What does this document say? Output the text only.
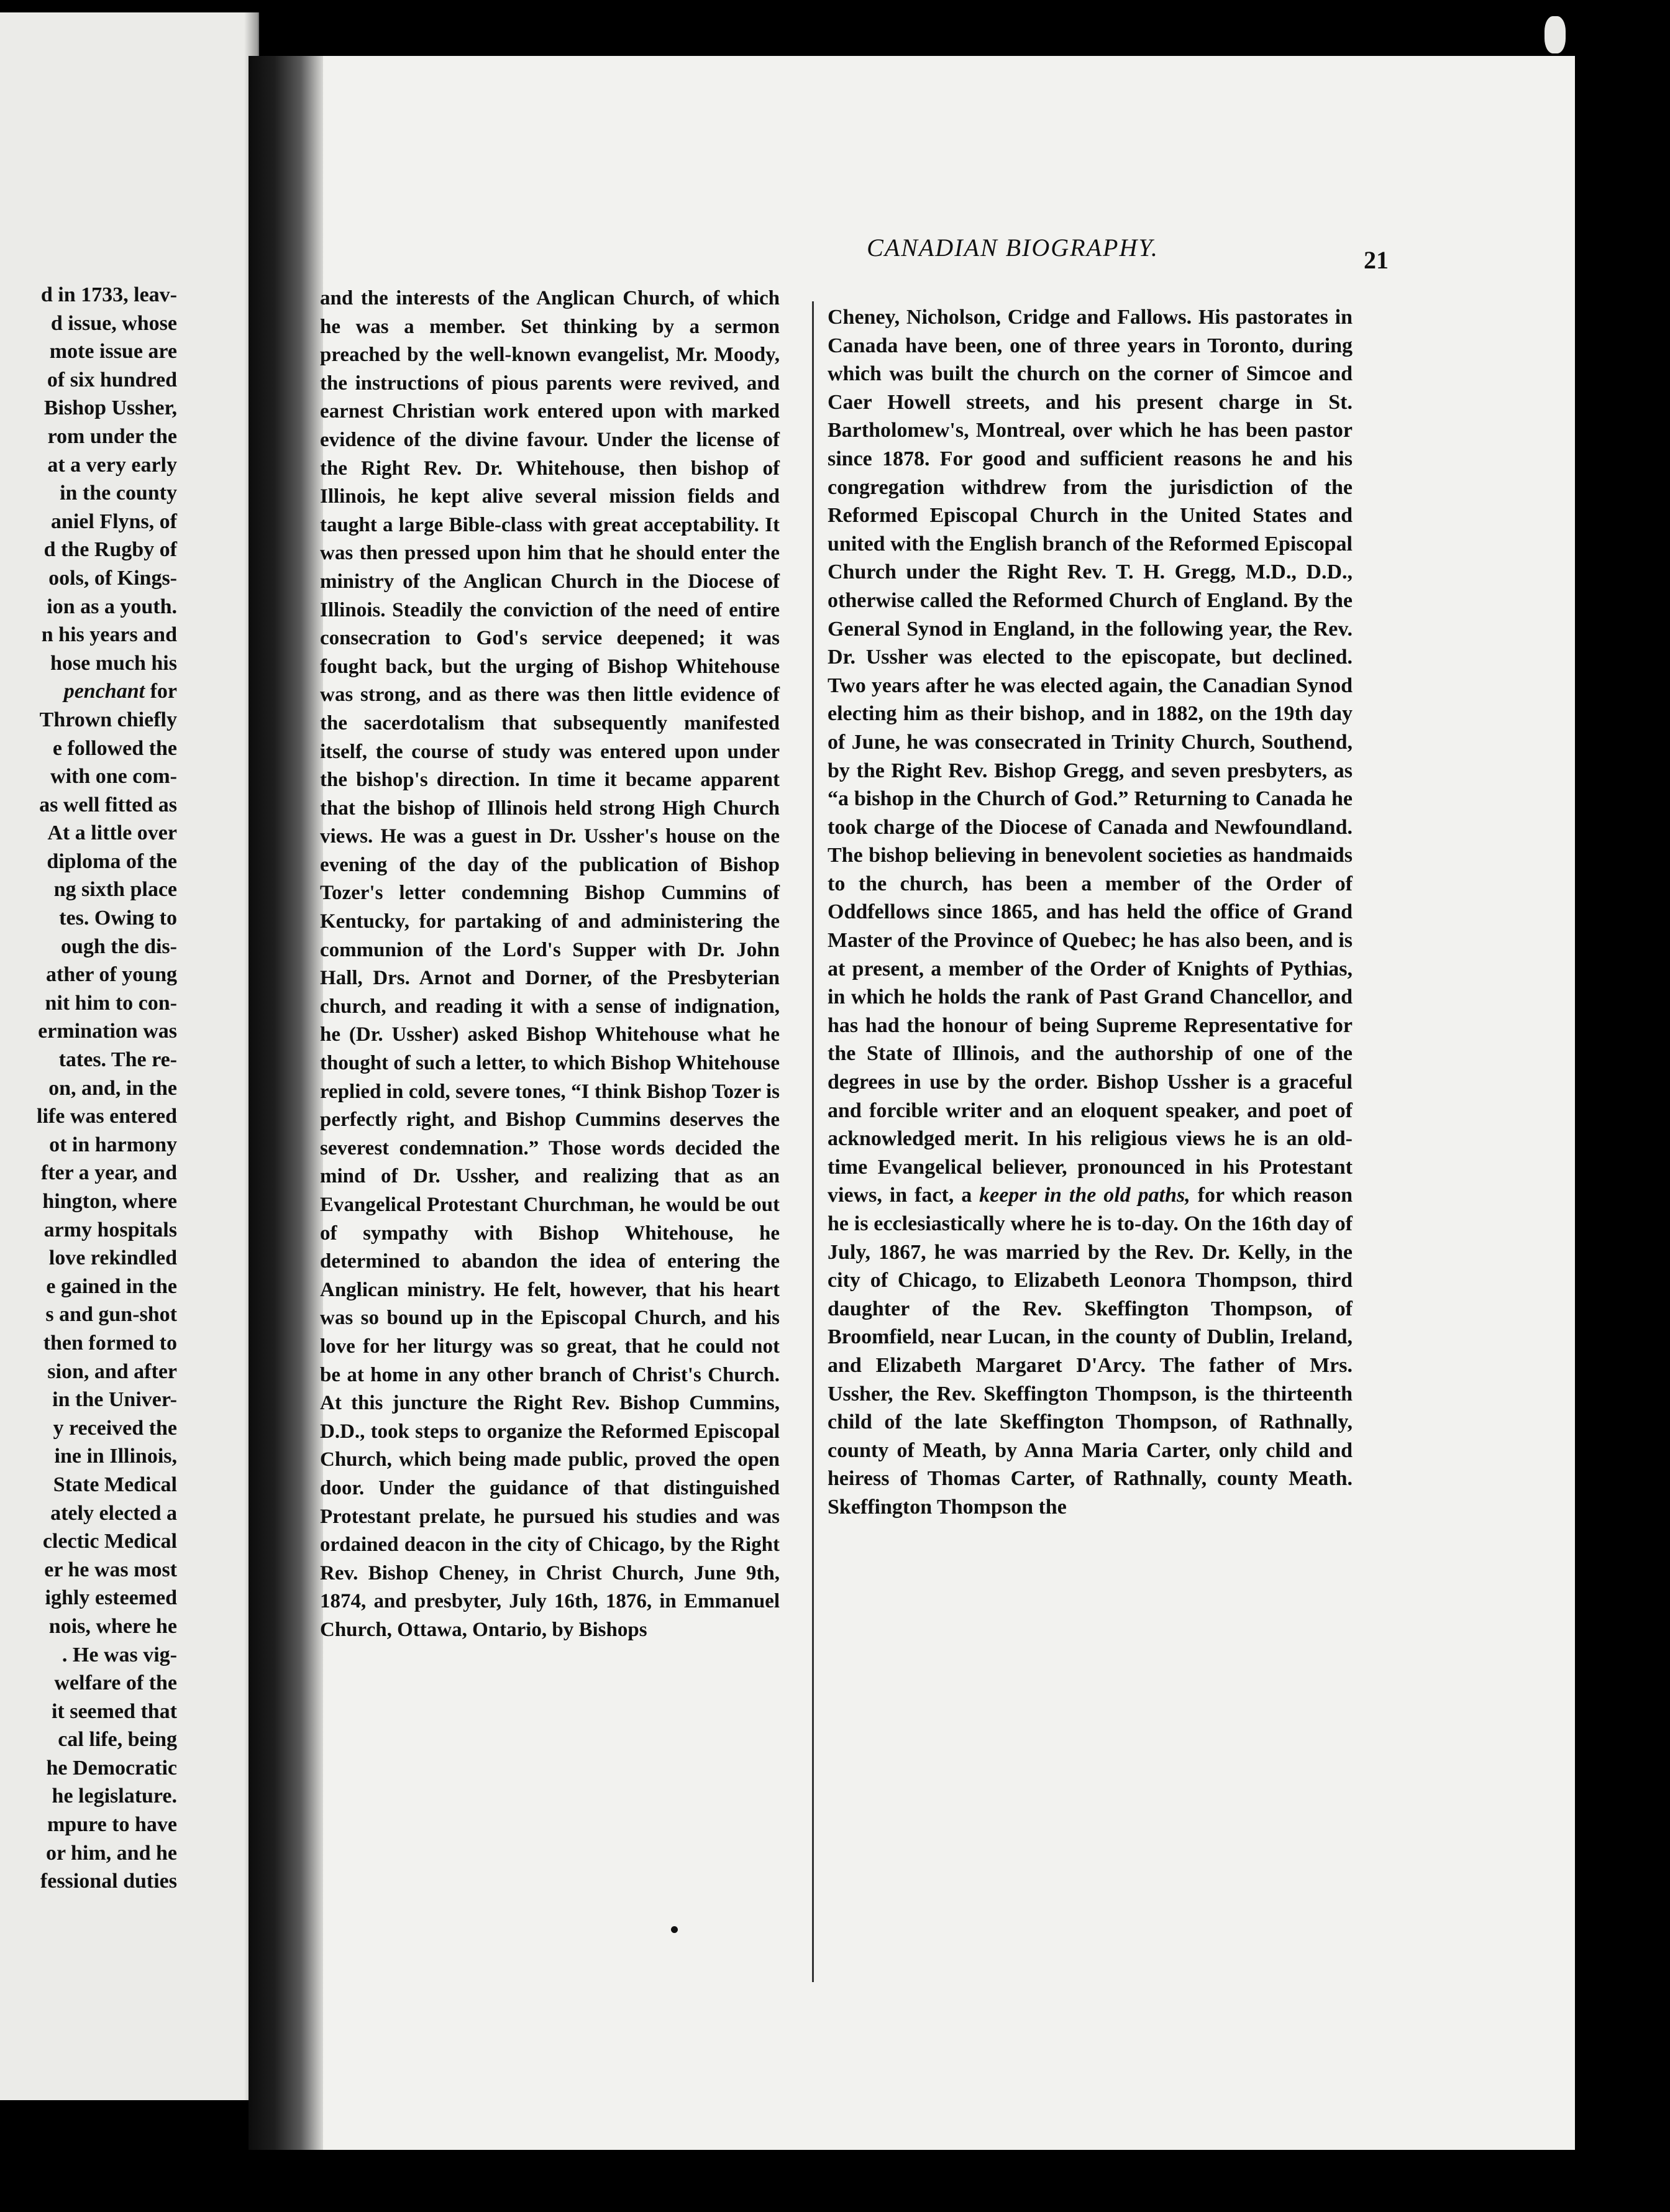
d in 1733, leav-
d issue, whose
mote issue are
of six hundred
Bishop Ussher,
rom under the
at a very early
in the county
aniel Flyns, of
d the Rugby of
ools, of Kings-
ion as a youth.
n his years and
hose much his
penchant for
Thrown chiefly
e followed the
with one com-
as well fitted as
At a little over
diploma of the
ng sixth place
tes. Owing to
ough the dis-
ather of young
nit him to con-
ermination was
tates. The re-
on, and, in the
life was entered
ot in harmony
fter a year, and
hington, where
army hospitals
love rekindled
e gained in the
s and gun-shot
then formed to
sion, and after
in the Univer-
y received the
ine in Illinois,
State Medical
ately elected a
clectic Medical
er he was most
ighly esteemed
nois, where he
. He was vig-
welfare of the
it seemed that
cal life, being
he Democratic
he legislature.
mpure to have
or him, and he
fessional duties
CANADIAN BIOGRAPHY.	21

and the interests of the Anglican Church, of which he was a member. Set thinking by a sermon preached by the well-known evangelist, Mr. Moody, the instructions of pious parents were revived, and earnest Christian work entered upon with marked evidence of the divine favour. Under the license of the Right Rev. Dr. Whitehouse, then bishop of Illinois, he kept alive several mission fields and taught a large Bible-class with great acceptability. It was then pressed upon him that he should enter the ministry of the Anglican Church in the Diocese of Illinois. Steadily the conviction of the need of entire consecration to God's service deepened; it was fought back, but the urging of Bishop Whitehouse was strong, and as there was then little evidence of the sacerdotalism that subsequently manifested itself, the course of study was entered upon under the bishop's direction. In time it became apparent that the bishop of Illinois held strong High Church views. He was a guest in Dr. Ussher's house on the evening of the day of the publication of Bishop Tozer's letter condemning Bishop Cummins of Kentucky, for partaking of and administering the communion of the Lord's Supper with Dr. John Hall, Drs. Arnot and Dorner, of the Presbyterian church, and reading it with a sense of indignation, he (Dr. Ussher) asked Bishop Whitehouse what he thought of such a letter, to which Bishop Whitehouse replied in cold, severe tones, “I think Bishop Tozer is perfectly right, and Bishop Cummins deserves the severest condemnation.” Those words decided the mind of Dr. Ussher, and realizing that as an Evangelical Protestant Churchman, he would be out of sympathy with Bishop Whitehouse, he determined to abandon the idea of entering the Anglican ministry. He felt, however, that his heart was so bound up in the Episcopal Church, and his love for her liturgy was so great, that he could not be at home in any other branch of Christ's Church. At this juncture the Right Rev. Bishop Cummins, D.D., took steps to organize the Reformed Episcopal Church, which being made public, proved the open door. Under the guidance of that distinguished Protestant prelate, he pursued his studies and was ordained deacon in the city of Chicago, by the Right Rev. Bishop Cheney, in Christ Church, June 9th, 1874, and presbyter, July 16th, 1876, in Emmanuel Church, Ottawa, Ontario, by Bishops

Cheney, Nicholson, Cridge and Fallows. His pastorates in Canada have been, one of three years in Toronto, during which was built the church on the corner of Simcoe and Caer Howell streets, and his present charge in St. Bartholomew's, Montreal, over which he has been pastor since 1878. For good and sufficient reasons he and his congregation withdrew from the jurisdiction of the Reformed Episcopal Church in the United States and united with the English branch of the Reformed Episcopal Church under the Right Rev. T. H. Gregg, M.D., D.D., otherwise called the Reformed Church of England. By the General Synod in England, in the following year, the Rev. Dr. Ussher was elected to the episcopate, but declined. Two years after he was elected again, the Canadian Synod electing him as their bishop, and in 1882, on the 19th day of June, he was consecrated in Trinity Church, Southend, by the Right Rev. Bishop Gregg, and seven presbyters, as “a bishop in the Church of God.” Returning to Canada he took charge of the Diocese of Canada and Newfoundland. The bishop believing in benevolent societies as handmaids to the church, has been a member of the Order of Oddfellows since 1865, and has held the office of Grand Master of the Province of Quebec; he has also been, and is at present, a member of the Order of Knights of Pythias, in which he holds the rank of Past Grand Chancellor, and has had the honour of being Supreme Representative for the State of Illinois, and the authorship of one of the degrees in use by the order. Bishop Ussher is a graceful and forcible writer and an eloquent speaker, and poet of acknowledged merit. In his religious views he is an old-time Evangelical believer, pronounced in his Protestant views, in fact, a keeper in the old paths, for which reason he is ecclesiastically where he is to-day. On the 16th day of July, 1867, he was married by the Rev. Dr. Kelly, in the city of Chicago, to Elizabeth Leonora Thompson, third daughter of the Rev. Skeffington Thompson, of Broomfield, near Lucan, in the county of Dublin, Ireland, and Elizabeth Margaret D'Arcy. The father of Mrs. Ussher, the Rev. Skeffington Thompson, is the thirteenth child of the late Skeffington Thompson, of Rathnally, county of Meath, by Anna Maria Carter, only child and heiress of Thomas Carter, of Rathnally, county Meath. Skeffington Thompson the
